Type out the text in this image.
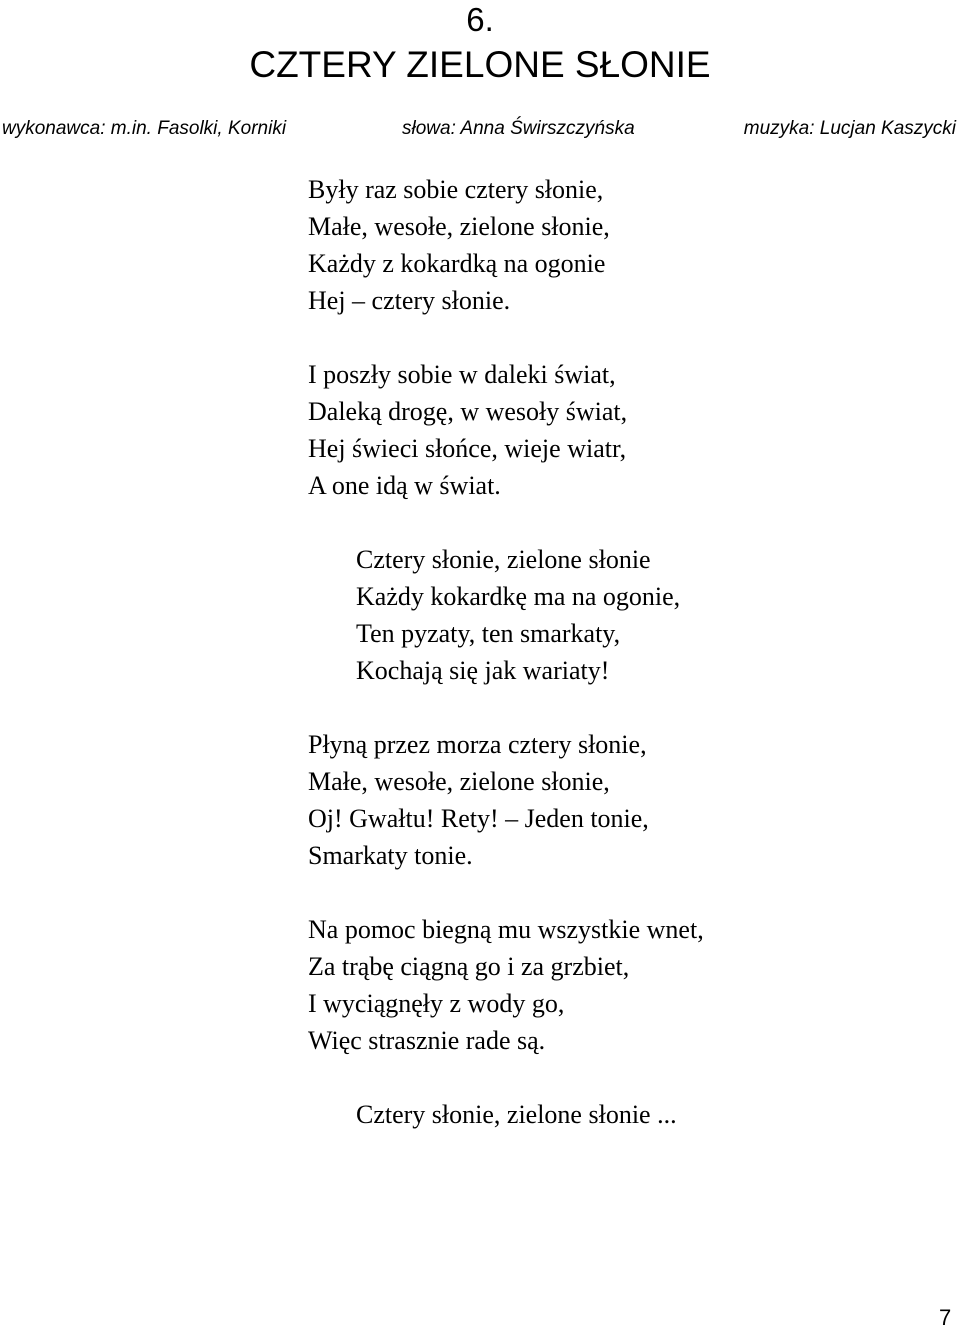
6.
CZTERY ZIELONE SŁONIE
wykonawca: m.in. Fasolki, Korniki	słowa: Anna Świrszczyńska	muzyka: Lucjan Kaszycki
Były raz sobie cztery słonie,
Małe, wesołe, zielone słonie,
Każdy z kokardką na ogonie
Hej – cztery słonie.
I poszły sobie w daleki świat,
Daleką drogę, w wesoły świat,
Hej świeci słońce, wieje wiatr,
A one idą w świat.
Cztery słonie, zielone słonie
Każdy kokardkę ma na ogonie,
Ten pyzaty, ten smarkaty,
Kochają się jak wariaty!
Płyną przez morza cztery słonie,
Małe, wesołe, zielone słonie,
Oj! Gwałtu! Rety! – Jeden tonie,
Smarkaty tonie.
Na pomoc biegną mu wszystkie wnet,
Za trąbę ciągną go i za grzbiet,
I wyciągnęły z wody go,
Więc strasznie rade są.
Cztery słonie, zielone słonie ...
7
